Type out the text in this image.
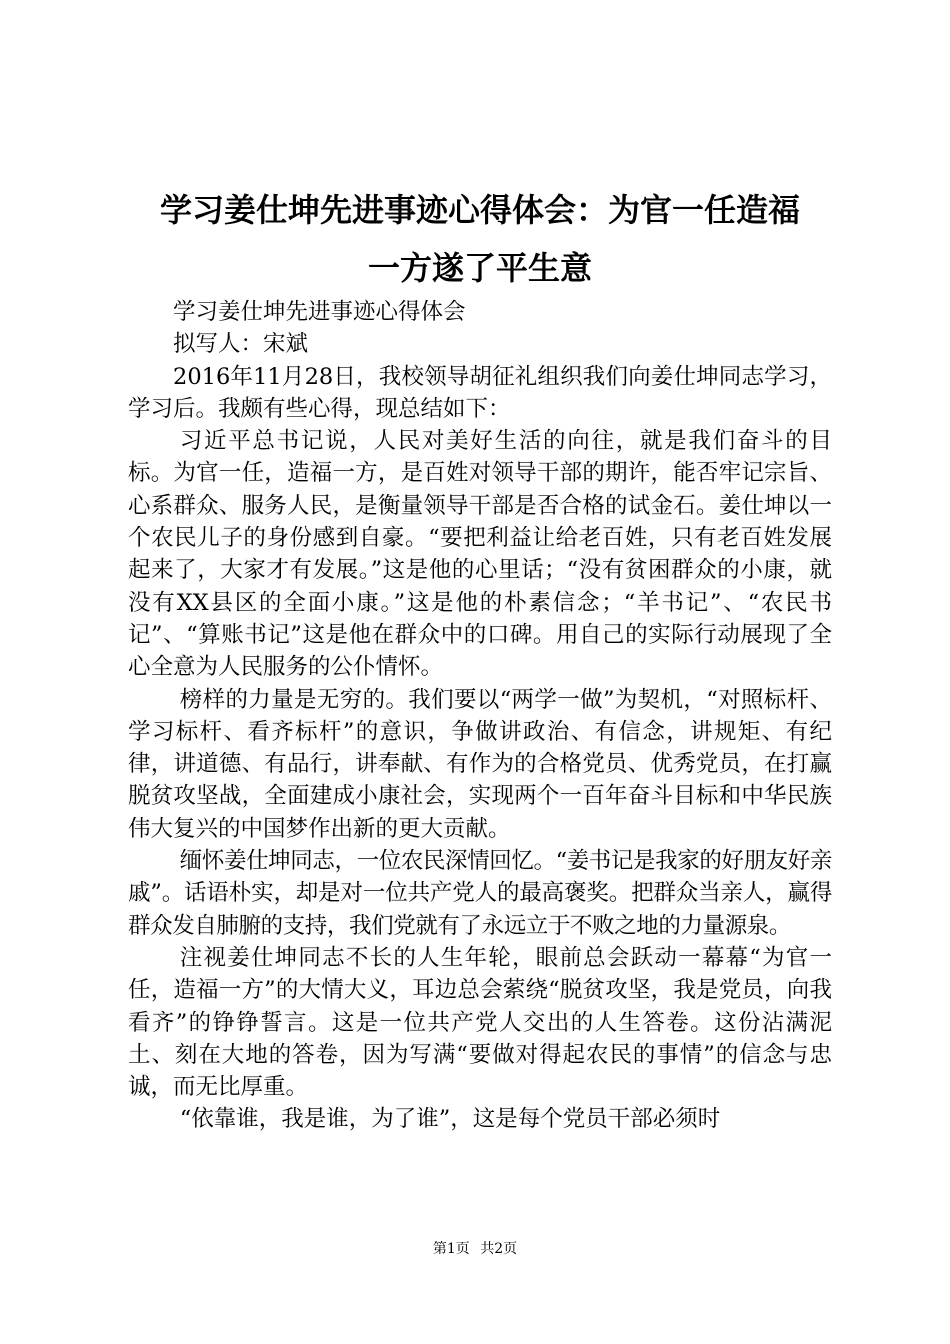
学习姜仕坤先进事迹心得体会：为官一任造福
一方遂了平生意

学习姜仕坤先进事迹心得体会

拟写人：宋斌

2016年11月28日，我校领导胡征礼组织我们向姜仕坤同志学习，学习后。我颇有些心得，现总结如下：

习近平总书记说，人民对美好生活的向往，就是我们奋斗的目标。为官一任，造福一方，是百姓对领导干部的期许，能否牢记宗旨、心系群众、服务人民，是衡量领导干部是否合格的试金石。姜仕坤以一个农民儿子的身份感到自豪。“要把利益让给老百姓，只有老百姓发展起来了，大家才有发展。”这是他的心里话；“没有贫困群众的小康，就没有XX县区的全面小康。”这是他的朴素信念；“羊书记”、“农民书记”、“算账书记”这是他在群众中的口碑。用自己的实际行动展现了全心全意为人民服务的公仆情怀。

榜样的力量是无穷的。我们要以“两学一做”为契机，“对照标杆、学习标杆、看齐标杆”的意识，争做讲政治、有信念，讲规矩、有纪律，讲道德、有品行，讲奉献、有作为的合格党员、优秀党员，在打赢脱贫攻坚战，全面建成小康社会，实现两个一百年奋斗目标和中华民族伟大复兴的中国梦作出新的更大贡献。

缅怀姜仕坤同志，一位农民深情回忆。“姜书记是我家的好朋友好亲戚”。话语朴实，却是对一位共产党人的最高褒奖。把群众当亲人，赢得群众发自肺腑的支持，我们党就有了永远立于不败之地的力量源泉。

注视姜仕坤同志不长的人生年轮，眼前总会跃动一幕幕“为官一任，造福一方”的大情大义，耳边总会萦绕“脱贫攻坚，我是党员，向我看齐”的铮铮誓言。这是一位共产党人交出的人生答卷。这份沾满泥土、刻在大地的答卷，因为写满“要做对得起农民的事情”的信念与忠诚，而无比厚重。

“依靠谁，我是谁，为了谁”，这是每个党员干部必须时

第1页 共2页
